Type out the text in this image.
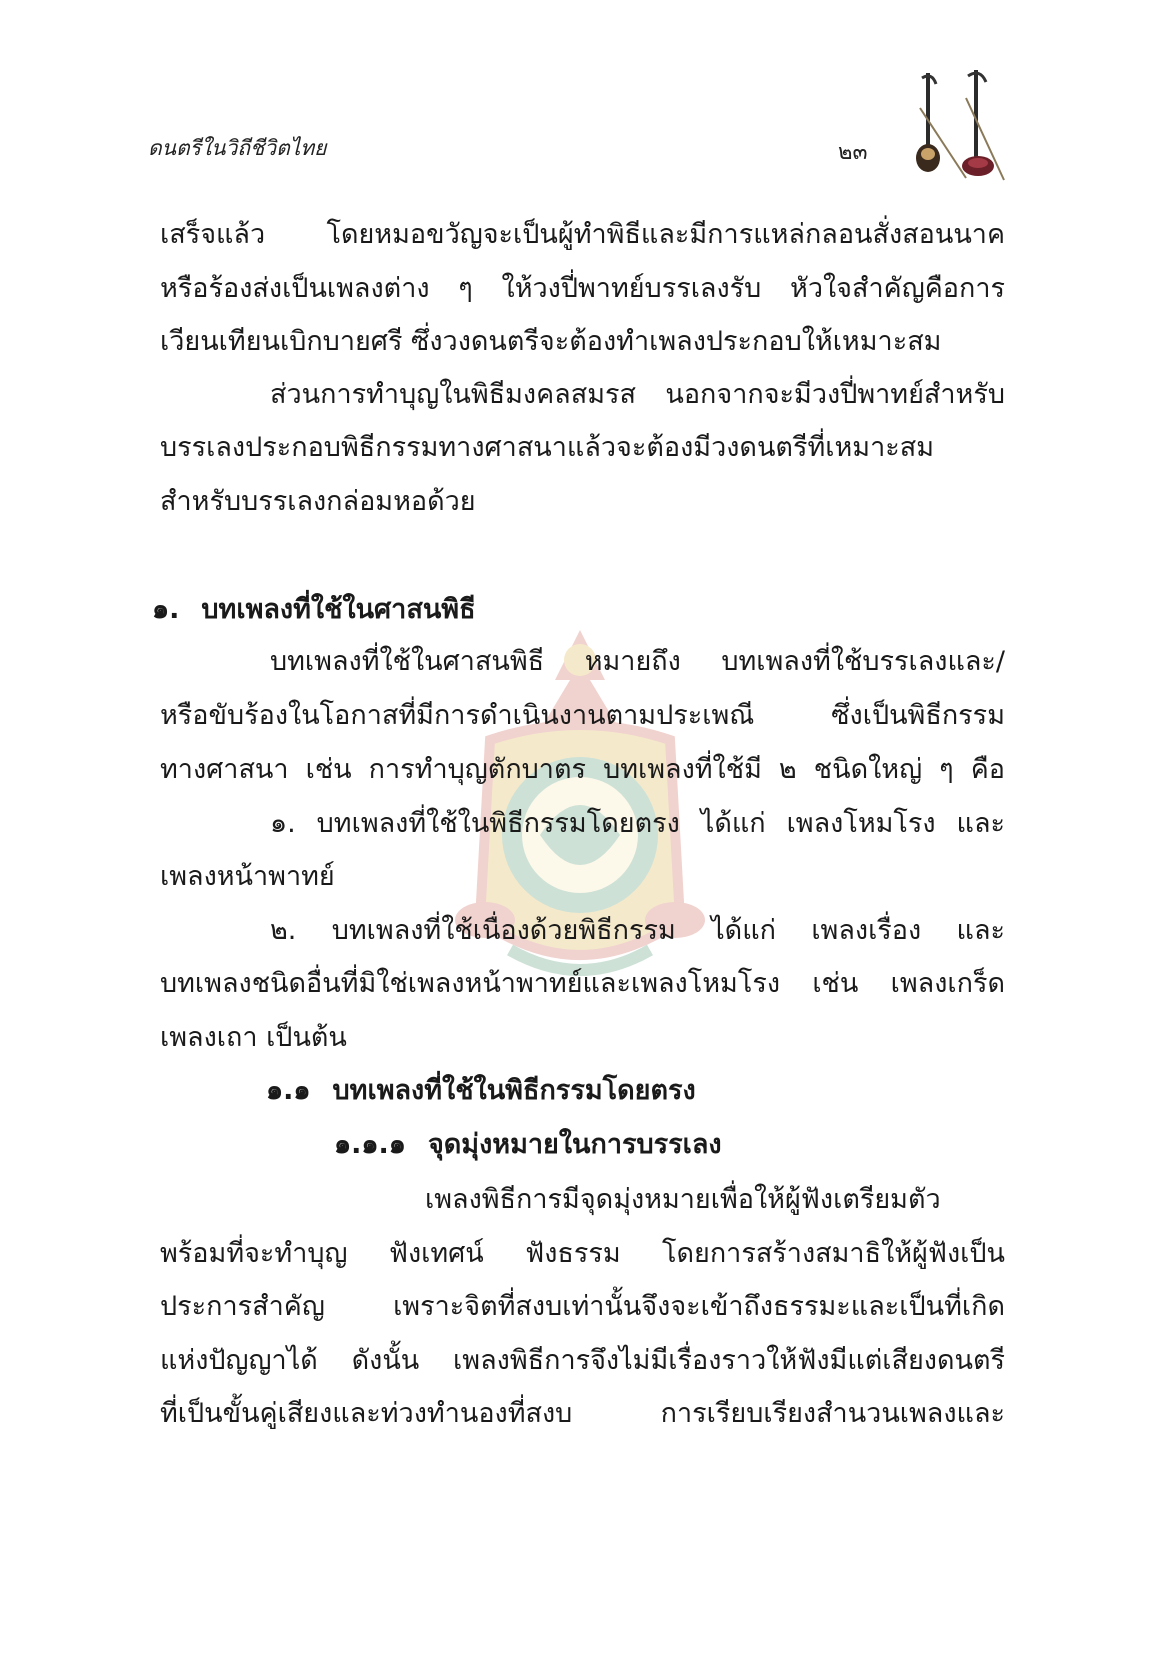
ดนตรีในวิถีชีวิตไทย	๒๓
เสร็จแล้ว โดยหมอขวัญจะเป็นผู้ทำพิธีและมีการแหล่กลอนสั่งสอนนาค
หรือร้องส่งเป็นเพลงต่าง ๆ ให้วงปี่พาทย์บรรเลงรับ หัวใจสำคัญคือการ
เวียนเทียนเบิกบายศรี ซึ่งวงดนตรีจะต้องทำเพลงประกอบให้เหมาะสม
ส่วนการทำบุญในพิธีมงคลสมรส นอกจากจะมีวงปี่พาทย์สำหรับ
บรรเลงประกอบพิธีกรรมทางศาสนาแล้วจะต้องมีวงดนตรีที่เหมาะสม
สำหรับบรรเลงกล่อมหอด้วย
๑. บทเพลงที่ใช้ในศาสนพิธี
บทเพลงที่ใช้ในศาสนพิธี หมายถึง บทเพลงที่ใช้บรรเลงและ/
หรือขับร้องในโอกาสที่มีการดำเนินงานตามประเพณี ซึ่งเป็นพิธีกรรม
ทางศาสนา เช่น การทำบุญตักบาตร บทเพลงที่ใช้มี ๒ ชนิดใหญ่ ๆ คือ
๑. บทเพลงที่ใช้ในพิธีกรรมโดยตรง ได้แก่ เพลงโหมโรง และ
เพลงหน้าพาทย์
๒. บทเพลงที่ใช้เนื่องด้วยพิธีกรรม ได้แก่ เพลงเรื่อง และ
บทเพลงชนิดอื่นที่มิใช่เพลงหน้าพาทย์และเพลงโหมโรง เช่น เพลงเกร็ด
เพลงเถา เป็นต้น
๑.๑ บทเพลงที่ใช้ในพิธีกรรมโดยตรง
๑.๑.๑ จุดมุ่งหมายในการบรรเลง
เพลงพิธีการมีจุดมุ่งหมายเพื่อให้ผู้ฟังเตรียมตัว
พร้อมที่จะทำบุญ ฟังเทศน์ ฟังธรรม โดยการสร้างสมาธิให้ผู้ฟังเป็น
ประการสำคัญ เพราะจิตที่สงบเท่านั้นจึงจะเข้าถึงธรรมะและเป็นที่เกิด
แห่งปัญญาได้ ดังนั้น เพลงพิธีการจึงไม่มีเรื่องราวให้ฟังมีแต่เสียงดนตรี
ที่เป็นขั้นคู่เสียงและท่วงทำนองที่สงบ การเรียบเรียงสำนวนเพลงและ
